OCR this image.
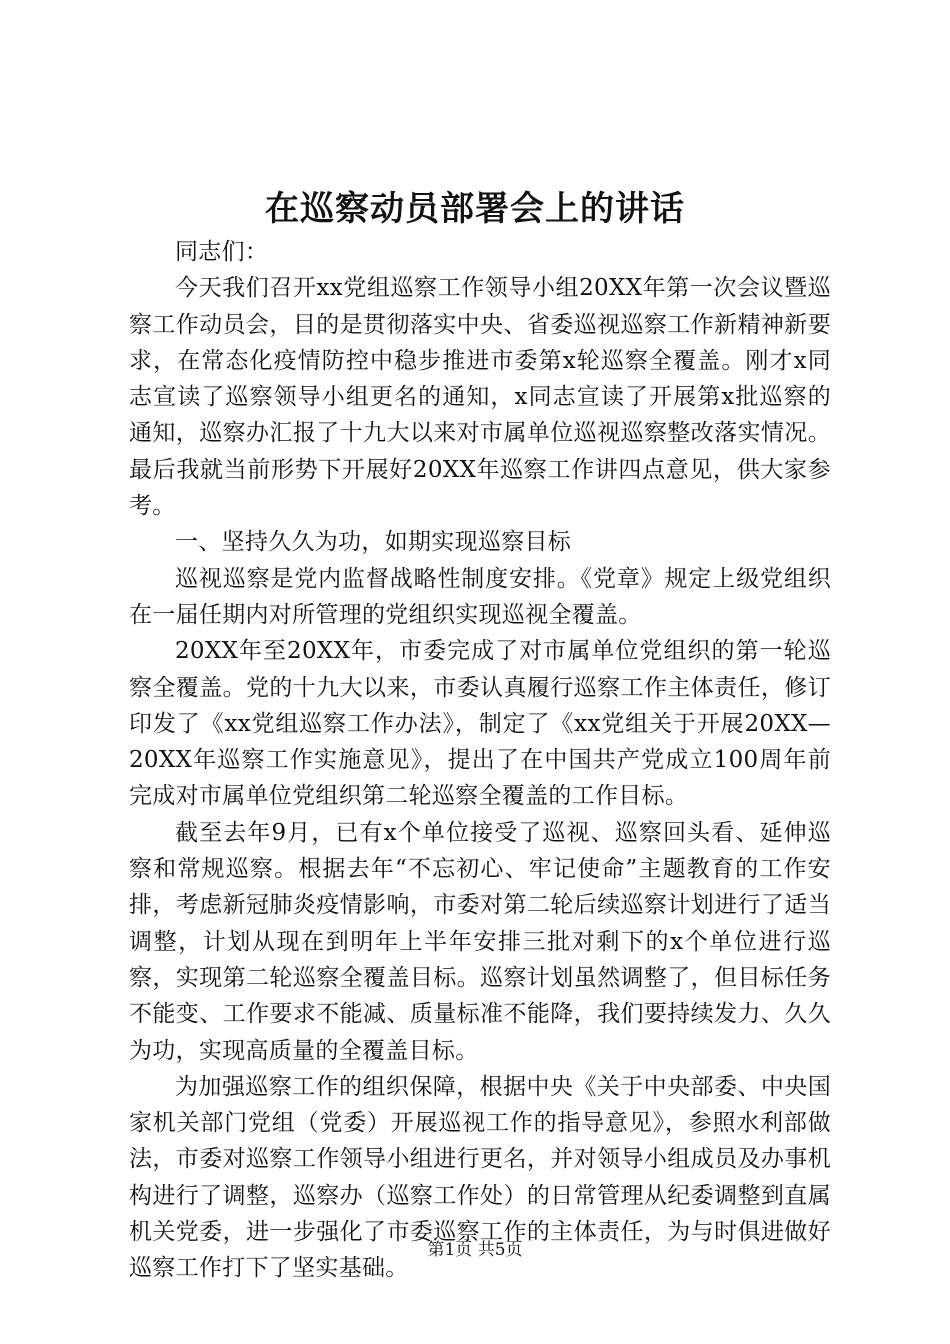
在巡察动员部署会上的讲话

同志们：

今天我们召开xx党组巡察工作领导小组20XX年第一次会议暨巡察工作动员会，目的是贯彻落实中央、省委巡视巡察工作新精神新要求，在常态化疫情防控中稳步推进市委第x轮巡察全覆盖。刚才x同志宣读了巡察领导小组更名的通知，x同志宣读了开展第x批巡察的通知，巡察办汇报了十九大以来对市属单位巡视巡察整改落实情况。最后我就当前形势下开展好20XX年巡察工作讲四点意见，供大家参考。

一、坚持久久为功，如期实现巡察目标

巡视巡察是党内监督战略性制度安排。《党章》规定上级党组织在一届任期内对所管理的党组织实现巡视全覆盖。

20XX年至20XX年，市委完成了对市属单位党组织的第一轮巡察全覆盖。党的十九大以来，市委认真履行巡察工作主体责任，修订印发了《xx党组巡察工作办法》，制定了《xx党组关于开展20XX—20XX年巡察工作实施意见》，提出了在中国共产党成立100周年前完成对市属单位党组织第二轮巡察全覆盖的工作目标。

截至去年9月，已有x个单位接受了巡视、巡察回头看、延伸巡察和常规巡察。根据去年“不忘初心、牢记使命”主题教育的工作安排，考虑新冠肺炎疫情影响，市委对第二轮后续巡察计划进行了适当调整，计划从现在到明年上半年安排三批对剩下的x个单位进行巡察，实现第二轮巡察全覆盖目标。巡察计划虽然调整了，但目标任务不能变、工作要求不能减、质量标准不能降，我们要持续发力、久久为功，实现高质量的全覆盖目标。

为加强巡察工作的组织保障，根据中央《关于中央部委、中央国家机关部门党组（党委）开展巡视工作的指导意见》，参照水利部做法，市委对巡察工作领导小组进行更名，并对领导小组成员及办事机构进行了调整，巡察办（巡察工作处）的日常管理从纪委调整到直属机关党委，进一步强化了市委巡察工作的主体责任，为与时俱进做好巡察工作打下了坚实基础。

第1页 共5页
